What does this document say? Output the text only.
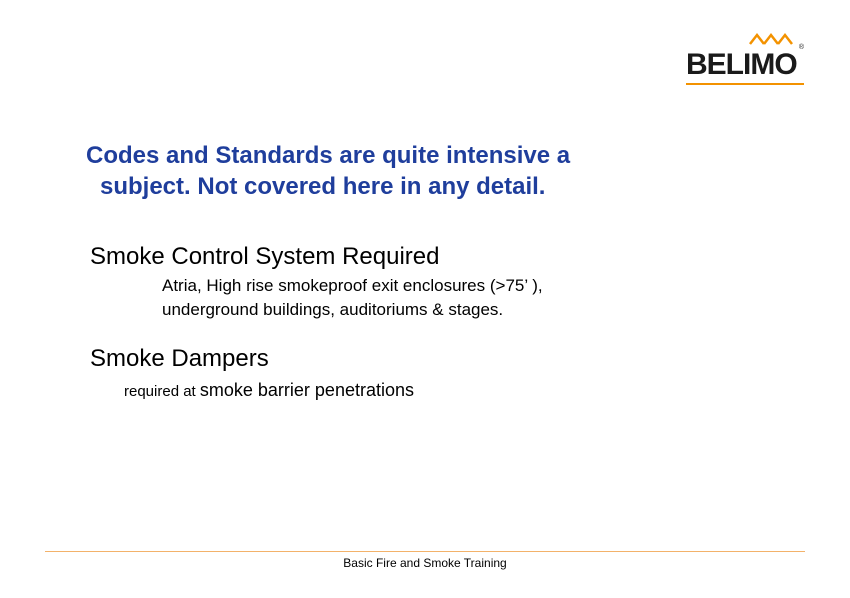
BELIMO
®
Codes and Standards are quite intensive a
subject. Not covered here in any detail.
Smoke Control System Required

Atria, High rise smokeproof exit enclosures (>75’ ),
underground buildings, auditoriums & stages.

Smoke Dampers

required at smoke barrier penetrations

Basic Fire and Smoke Training
